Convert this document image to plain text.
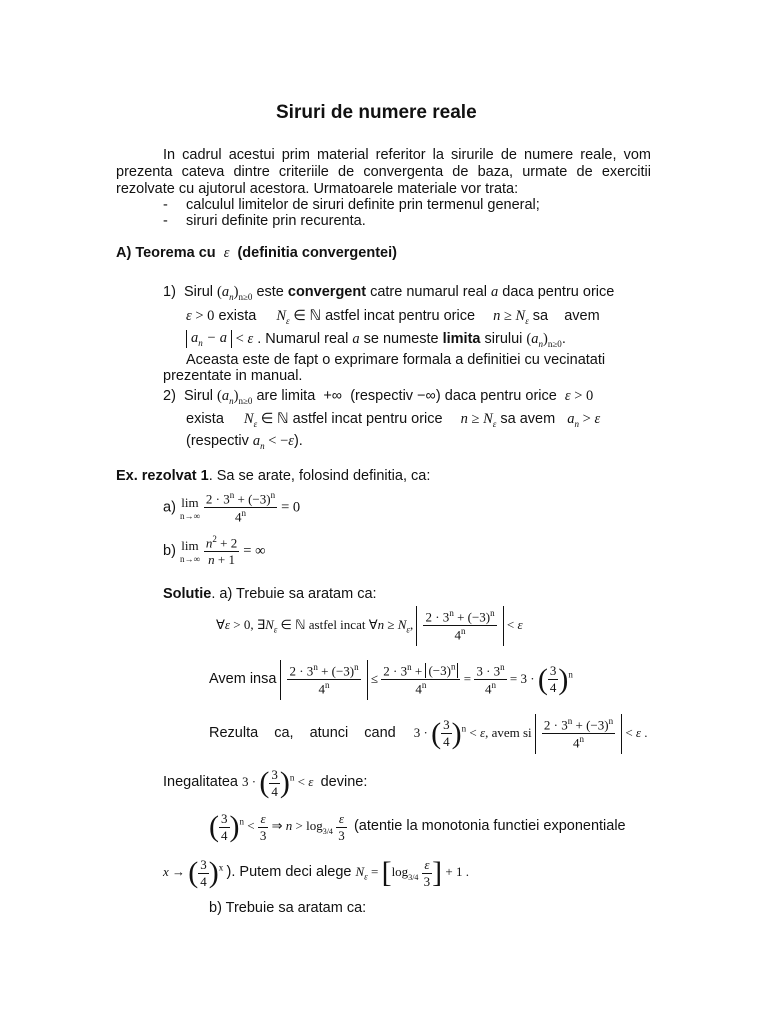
Siruri de numere reale
In cadrul acestui prim material referitor la sirurile de numere reale, vom
prezenta cateva dintre criteriile de convergenta de baza, urmate de exercitii
rezolvate cu ajutorul acestora. Urmatoarele materiale vor trata:
- calculul limitelor de siruri definite prin termenul general;
- siruri definite prin recurenta.
A) Teorema cu ε (definitia convergentei)
1) Sirul $(a_n)_{n\ge 0}$ este convergent catre numarul real a daca pentru orice
ε > 0 exista $N_\varepsilon$ ∈ ℕ astfel incat pentru orice $n \ge N_\varepsilon$ sa avem
$a_n - a < \varepsilon$ . Numarul real a se numeste limita sirului $(a_n)_{n\ge 0}$.
Aceasta este de fapt o exprimare formala a definitiei cu vecinatati
prezentate in manual.
2) Sirul $(a_n)_{n\ge 0}$ are limita +∞ (respectiv −∞) daca pentru orice ε > 0
exista $N_\varepsilon$ ∈ ℕ astfel incat pentru orice $n \ge N_\varepsilon$ sa avem $a_n > \varepsilon$
(respectiv $a_n < -\varepsilon$).
Ex. rezolvat 1. Sa se arate, folosind definitia, ca:
a) lim
n→∞
$\frac{2 \cdot 3^n + (-3)^n}{4^n} = 0$
b) lim
n→∞
$\frac{n^2 + 2}{n + 1}$ = ∞
Solutie. a) Trebuie sa aratam ca:
∀ε > 0, $\exists N_\varepsilon$ ∈ ℕ astfel incat ∀n ≥ $N_\varepsilon$, $\frac{2 \cdot 3^n + (-3)^n}{4^n} < \varepsilon$
Avem insa $\frac{2 \cdot 3^n + (-3)^n}{4^n} \le \frac{2 \cdot 3^n + (-3)^n}{4^n} = \frac{3 \cdot 3^n}{4^n} = 3$ · ( $\frac{3}{4} )^n$
Rezulta ca, atunci cand 3 · ( $\frac{3}{4} )^n < \varepsilon$, avem si $\frac{2 \cdot 3^n + (-3)^n}{4^n} < \varepsilon$ .
Inegalitatea 3 · ( $\frac{3}{4} )^n < \varepsilon$ devine:
( $\frac{3}{4} )^n < \frac{\varepsilon}{3}$ ⇒ $n > \log_{3/4} \frac{\varepsilon}{3}$ (atentie la monotonia functiei exponentiale
x → ( $\frac{3}{4} )^x$ ). Putem deci alege $N_\varepsilon = [\log_{3/4} \frac{\varepsilon}{3}$ ] + 1 .
b) Trebuie sa aratam ca:
